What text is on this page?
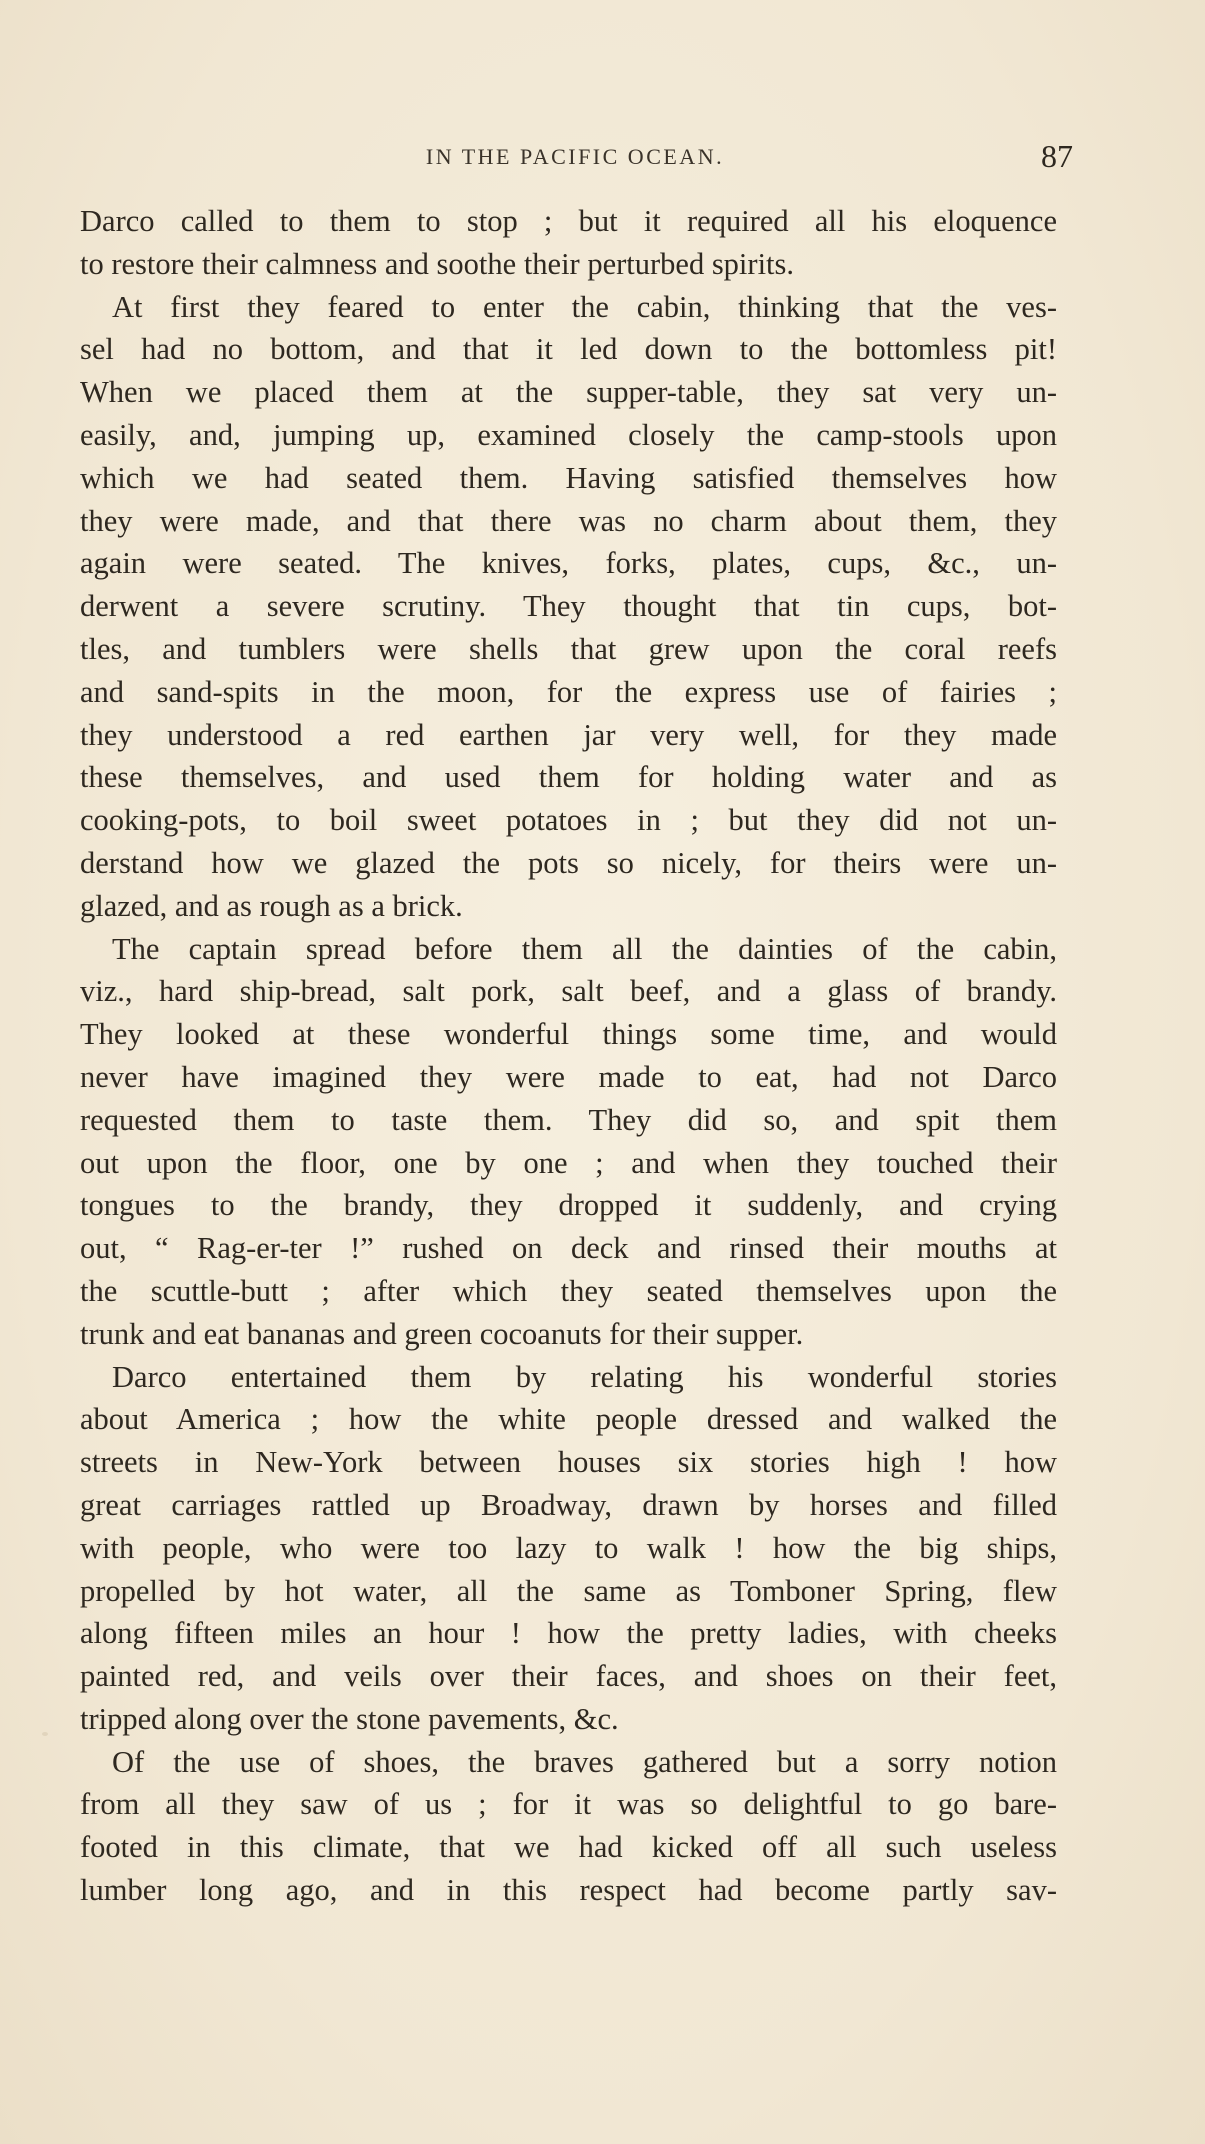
IN THE PACIFIC OCEAN.	87
Darco called to them to stop ; but it required all his eloquence
to restore their calmness and soothe their perturbed spirits.
At first they feared to enter the cabin, thinking that the ves-
sel had no bottom, and that it led down to the bottomless pit!
When we placed them at the supper-table, they sat very un-
easily, and, jumping up, examined closely the camp-stools upon
which we had seated them. Having satisfied themselves how
they were made, and that there was no charm about them, they
again were seated. The knives, forks, plates, cups, &c., un-
derwent a severe scrutiny. They thought that tin cups, bot-
tles, and tumblers were shells that grew upon the coral reefs
and sand-spits in the moon, for the express use of fairies ;
they understood a red earthen jar very well, for they made
these themselves, and used them for holding water and as
cooking-pots, to boil sweet potatoes in ; but they did not un-
derstand how we glazed the pots so nicely, for theirs were un-
glazed, and as rough as a brick.
The captain spread before them all the dainties of the cabin,
viz., hard ship-bread, salt pork, salt beef, and a glass of brandy.
They looked at these wonderful things some time, and would
never have imagined they were made to eat, had not Darco
requested them to taste them. They did so, and spit them
out upon the floor, one by one ; and when they touched their
tongues to the brandy, they dropped it suddenly, and crying
out, “ Rag-er-ter !” rushed on deck and rinsed their mouths at
the scuttle-butt ; after which they seated themselves upon the
trunk and eat bananas and green cocoanuts for their supper.
Darco entertained them by relating his wonderful stories
about America ; how the white people dressed and walked the
streets in New-York between houses six stories high ! how
great carriages rattled up Broadway, drawn by horses and filled
with people, who were too lazy to walk ! how the big ships,
propelled by hot water, all the same as Tomboner Spring, flew
along fifteen miles an hour ! how the pretty ladies, with cheeks
painted red, and veils over their faces, and shoes on their feet,
tripped along over the stone pavements, &c.
Of the use of shoes, the braves gathered but a sorry notion
from all they saw of us ; for it was so delightful to go bare-
footed in this climate, that we had kicked off all such useless
lumber long ago, and in this respect had become partly sav-
